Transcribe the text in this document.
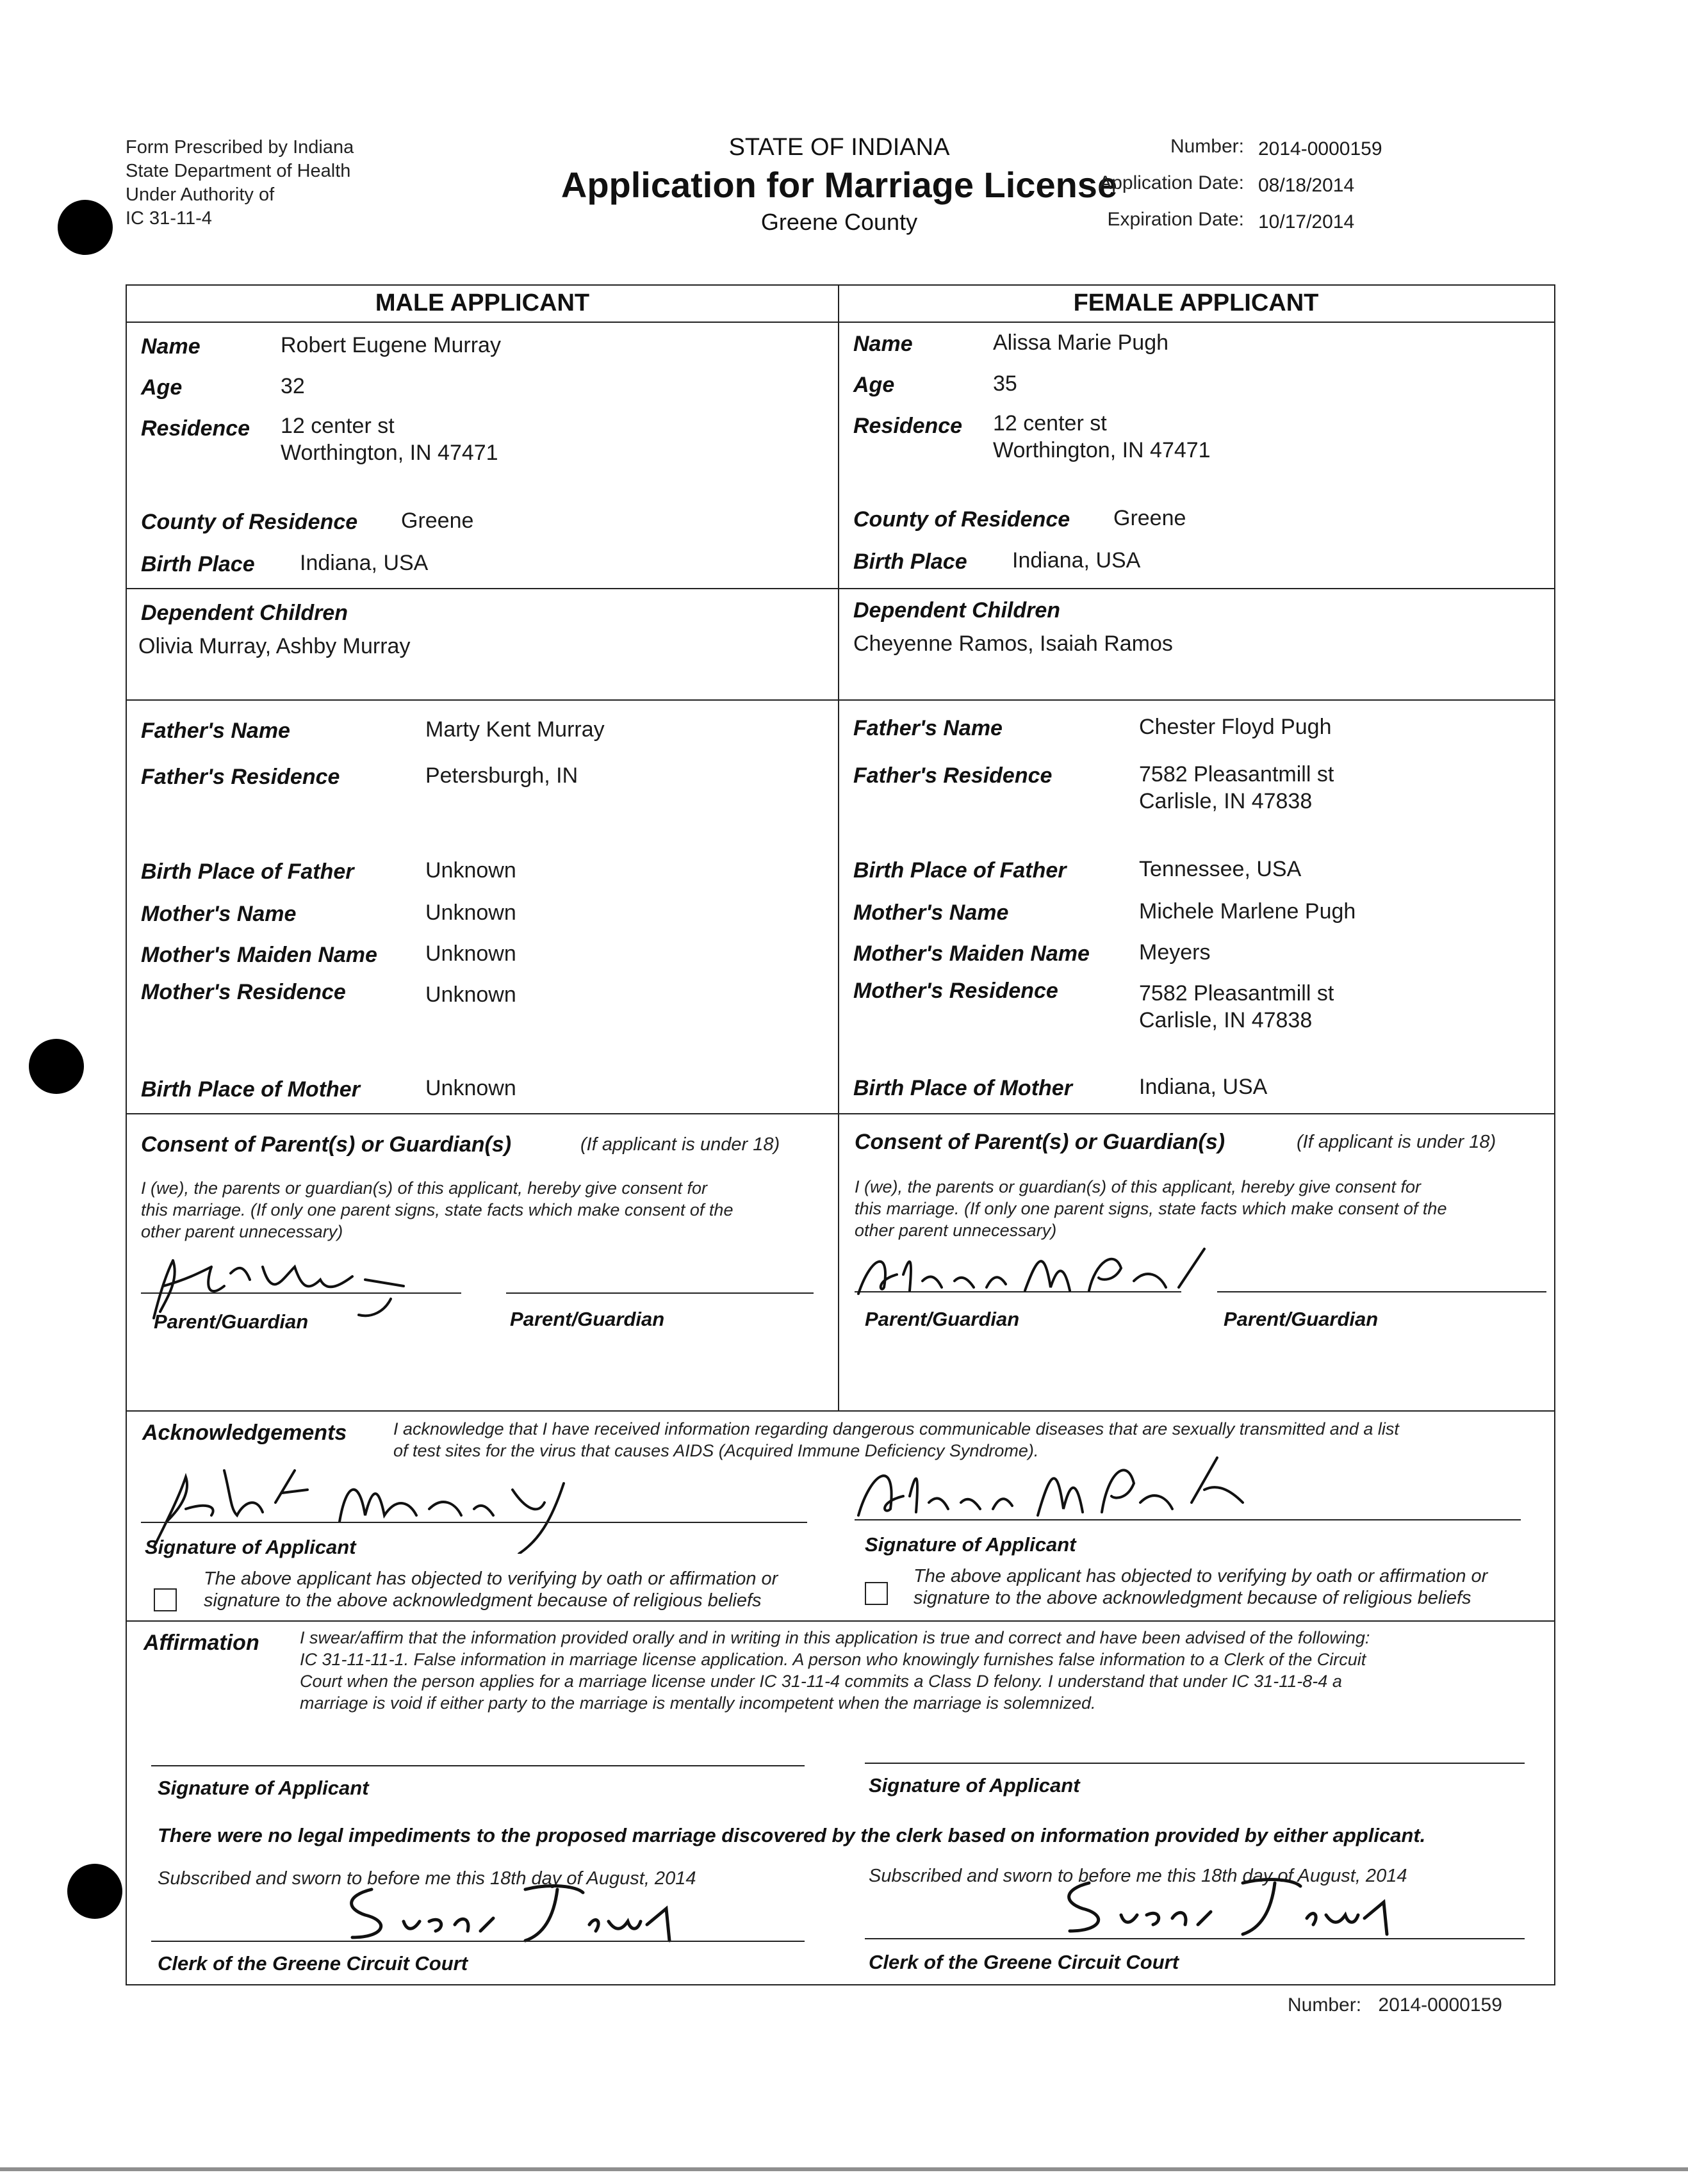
Form Prescribed by Indiana
State Department of Health
Under Authority of
IC 31-11-4
STATE OF INDIANA
Application for Marriage License
Greene County
Number: 2014-0000159
Application Date: 08/18/2014
Expiration Date: 10/17/2014
MALE APPLICANT	FEMALE APPLICANT
Name	Robert Eugene Murray
Age	32
Residence 12 center st
Worthington, IN 47471
County of Residence Greene
Birth Place Indiana, USA
Name	Alissa Marie Pugh
Age	35
Residence 12 center st
Worthington, IN 47471
County of Residence Greene
Birth Place Indiana, USA
Dependent Children
Olivia Murray, Ashby Murray
Dependent Children
Cheyenne Ramos, Isaiah Ramos
Father's Name	Marty Kent Murray
Father's Residence	Petersburgh, IN
Birth Place of Father	Unknown
Mother's Name	Unknown
Mother's Maiden Name Unknown
Mother's Residence	Unknown
Birth Place of Mother	Unknown
Father's Name	Chester Floyd Pugh
Father's Residence	7582 Pleasantmill st
Carlisle, IN 47838
Birth Place of Father	Tennessee, USA
Mother's Name	Michele Marlene Pugh
Mother's Maiden Name Meyers
Mother's Residence	7582 Pleasantmill st
Carlisle, IN 47838
Birth Place of Mother	Indiana, USA
Consent of Parent(s) or Guardian(s)	(If applicant is under 18)
I (we), the parents or guardian(s) of this applicant, hereby give consent for
this marriage. (If only one parent signs, state facts which make consent of the
other parent unnecessary)
Parent/Guardian	Parent/Guardian
Consent of Parent(s) or Guardian(s)	(If applicant is under 18)
I (we), the parents or guardian(s) of this applicant, hereby give consent for
this marriage. (If only one parent signs, state facts which make consent of the
other parent unnecessary)
Parent/Guardian	Parent/Guardian
Acknowledgements	I acknowledge that I have received information regarding dangerous communicable diseases that are sexually transmitted and a list
of test sites for the virus that causes AIDS (Acquired Immune Deficiency Syndrome).
Signature of Applicant
The above applicant has objected to verifying by oath or affirmation or
signature to the above acknowledgment because of religious beliefs
Signature of Applicant
The above applicant has objected to verifying by oath or affirmation or
signature to the above acknowledgment because of religious beliefs
Affirmation I swear/affirm that the information provided orally and in writing in this application is true and correct and have been advised of the following:
IC 31-11-11-1. False information in marriage license application. A person who knowingly furnishes false information to a Clerk of the Circuit
Court when the person applies for a marriage license under IC 31-11-4 commits a Class D felony. I understand that under IC 31-11-8-4 a
marriage is void if either party to the marriage is mentally incompetent when the marriage is solemnized.
Signature of Applicant	Signature of Applicant
There were no legal impediments to the proposed marriage discovered by the clerk based on information provided by either applicant.
Subscribed and sworn to before me this 18th day of August, 2014
Clerk of the Greene Circuit Court
Subscribed and sworn to before me this 18th day of August, 2014
Clerk of the Greene Circuit Court
Number: 2014-0000159
